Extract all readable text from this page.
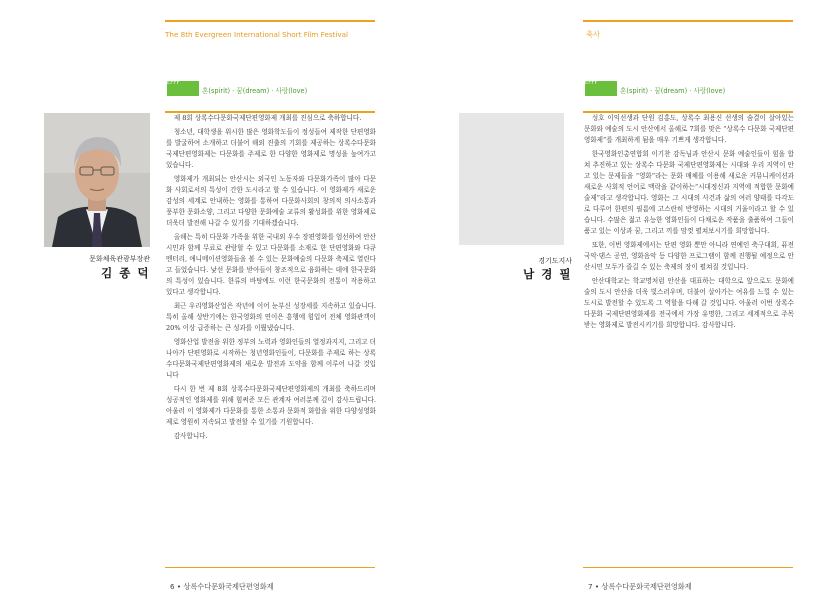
The 8th Evergreen International Short Film Festival
EFFF
혼(spirit) · 꿈(dream) · 사랑(love)
문화체육관광부장관
김 종 덕

제 8회 상록수다문화국제단편영화제 개최를 진심으로 축하합니다.

청소년, 대학생을 위시한 많은 영화학도들이 정성들여 제작한 단편영화를 발굴하여 소개하고 더불어 해외 진출의 기회를 제공하는 상록수다문화국제단편영화제는 다문화를 주제로 한 다양한 영화제로 명성을 높여가고 있습니다.

영화제가 개최되는 안산시는 외국인 노동자와 다문화가족이 많아 다문화 사회로서의 특성이 간한 도시라고 할 수 있습니다. 이 영화제가 새로운 감성의 세계로 안내하는 영화를 통하여 다문화사회의 창의적 의사소통과 풍부한 문화소양, 그리고 다양한 문화예술 교류의 활성화를 위한 영화제로 더욱더 발전해 나갈 수 있기를 기대하겠습니다.

올해는 특히 다문화 가족을 위한 국내외 우수 장편영화를 엄선하여 안산시민과 함께 무료로 관람할 수 있고 다문화를 소재로 한 단편영화와 다큐멘터리, 애니메이션영화들을 볼 수 있는 문화예술의 다문화 축제로 열린다고 들었습니다. 낯선 문화를 받아들이 창조적으로 융화하는 데에 한국문화의 특성이 있습니다. 한류의 바탕에도 이런 한국문화의 전통이 작용하고 있다고 생각합니다.

최근 우리영화산업은 작년에 이어 눈부신 성장세를 지속하고 있습니다. 특히 올해 상반기에는 한국영화의 연이은 흥행에 힘입어 전체 영화관객이 20% 이상 급증하는 큰 성과를 이뤘냈습니다.

영화산업 발전을 위한 정부의 노력과 영화인들의 열정과지지, 그리고 더 나아가 단편영화로 시작하는 청년영화인들이, 다문화를 주제로 하는 상록수다문화국제단편영화제의 새로운 발전과 도약을 함께 이루어 나갈 것입니다

다시 한 번 제 8회 상록수다문화국제단편영화제의 개최를 축하드리며 성공적인 영화제를 위해 힘써준 모든 관계자 여러분께 깊이 감사드립니다. 아울러 이 영화제가 다문화를 통한 소통과 문화적 화합을 위한 다양성영화제로 영원히 지속되고 발전할 수 있기를 기원합니다.

감사합니다.

6 • 상록수다문화국제단편영화제
축사
EFFF
혼(spirit) · 꿈(dream) · 사랑(love)
경기도지사
남 경 필

성호 이익선생과 단원 김홍도, 상록수 최용신 선생의 숨결이 살아있는 문화와 예술의 도시 안산에서 올해로 7회를 맞은 “상록수 다문화 국제단편영화제”를 개최하게 됨을 매우 기쁘게 생각합니다.

한국영화인총연합회 이기찬 감독님과 안산시 문화 예술인들이 힘을 합쳐 추진하고 있는 상록수 다문화 국제단편영화제는 시대와 우리 지역이 안고 있는 문제들을 “영화”라는 문화 매체를 이용해 새로운 커뮤니케이션과 새로운 사회적 언어로 맥락을 같이하는“시대정신과 지역에 적합한 문화예술제”라고 생각합니다. 영화는 그 시대의 사건과 삶의 여러 양태를 다각도로 다루어 한편의 필름에 고스란히 반영하는 시대의 거울이라고 할 수 있습니다. 수많은 젊고 유능한 영화인들이 다채로운 작품을 출품하여 그들이 품고 있는 이상과 꿈, 그리고 끼를 맘껏 펼쳐보시기를 희망합니다.

또한, 이번 영화제에서는 단편 영화 뿐만 아니라 연예인 축구대회, 퓨전 국악·댄스 공연, 영화음악 등 다양한 프로그램이 함께 진행될 예정으로 안산시민 모두가 즐길 수 있는 축제의 장이 펼쳐질 것입니다.

안산대학교는 학교명처럼 안산을 대표하는 대학으로 앞으로도 문화예술의 도시 안산을 더욱 빛스러우며, 더불어 살아가는 여유를 느낄 수 있는 도시로 발전할 수 있도록 그 역할을 다해 갈 것입니다. 아울러 이번 상록수 다문화 국제단편영화제를 전국에서 가장 유명한, 그리고 세계적으로 주목받는 영화제로 발전시키기를 희망합니다. 감사합니다.

7 • 상록수다문화국제단편영화제
